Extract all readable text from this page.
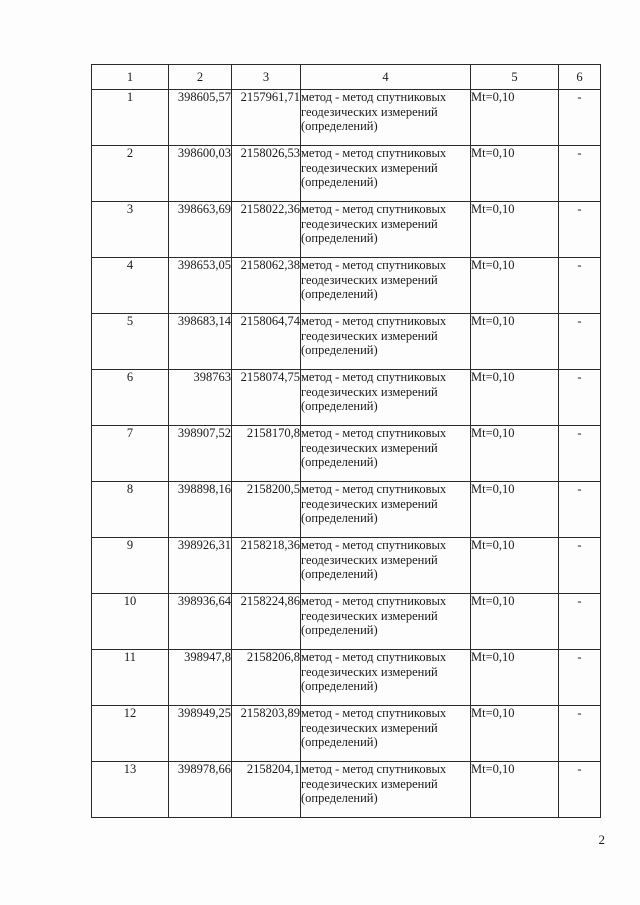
1	2	3	4	5	6
1	398605,57	2157961,71	метод - метод спутниковых
геодезических измерений
(определений)	Mt=0,10	-
2	398600,03	2158026,53	метод - метод спутниковых
геодезических измерений
(определений)	Mt=0,10	-
3	398663,69	2158022,36	метод - метод спутниковых
геодезических измерений
(определений)	Mt=0,10	-
4	398653,05	2158062,38	метод - метод спутниковых
геодезических измерений
(определений)	Mt=0,10	-
5	398683,14	2158064,74	метод - метод спутниковых
геодезических измерений
(определений)	Mt=0,10	-
6	398763	2158074,75	метод - метод спутниковых
геодезических измерений
(определений)	Mt=0,10	-
7	398907,52	2158170,8	метод - метод спутниковых
геодезических измерений
(определений)	Mt=0,10	-
8	398898,16	2158200,5	метод - метод спутниковых
геодезических измерений
(определений)	Mt=0,10	-
9	398926,31	2158218,36	метод - метод спутниковых
геодезических измерений
(определений)	Mt=0,10	-
10	398936,64	2158224,86	метод - метод спутниковых
геодезических измерений
(определений)	Mt=0,10	-
11	398947,8	2158206,8	метод - метод спутниковых
геодезических измерений
(определений)	Mt=0,10	-
12	398949,25	2158203,89	метод - метод спутниковых
геодезических измерений
(определений)	Mt=0,10	-
13	398978,66	2158204,1	метод - метод спутниковых
геодезических измерений
(определений)	Mt=0,10	-
2
